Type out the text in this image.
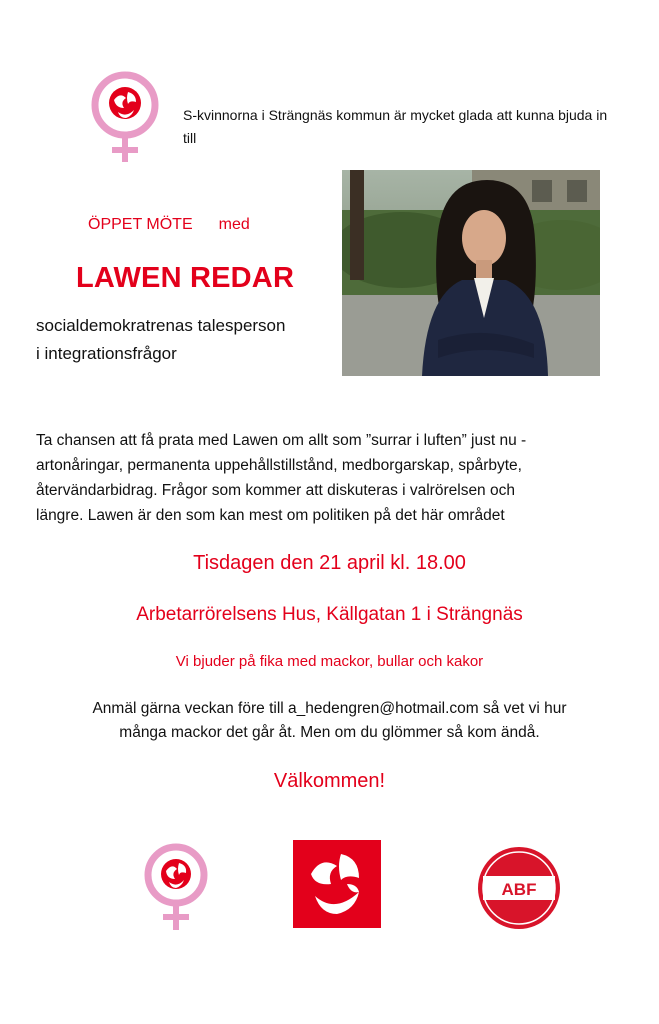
S-kvinnorna i Strängnäs kommun är mycket glada att kunna bjuda in till
ÖPPET MÖTE med
LAWEN REDAR
socialdemokratrenas talesperson
i integrationsfrågor
Ta chansen att få prata med Lawen om allt som ”surrar i luften” just nu -
artonåringar, permanenta uppehållstillstånd, medborgarskap, spårbyte,
återvändarbidrag. Frågor som kommer att diskuteras i valrörelsen och
längre. Lawen är den som kan mest om politiken på det här området
Tisdagen den 21 april kl. 18.00
Arbetarrörelsens Hus, Källgatan 1 i Strängnäs
Vi bjuder på fika med mackor, bullar och kakor
Anmäl gärna veckan före till a_hedengren@hotmail.com så vet vi hur
många mackor det går åt. Men om du glömmer så kom ändå.
Välkommen!
ABF
